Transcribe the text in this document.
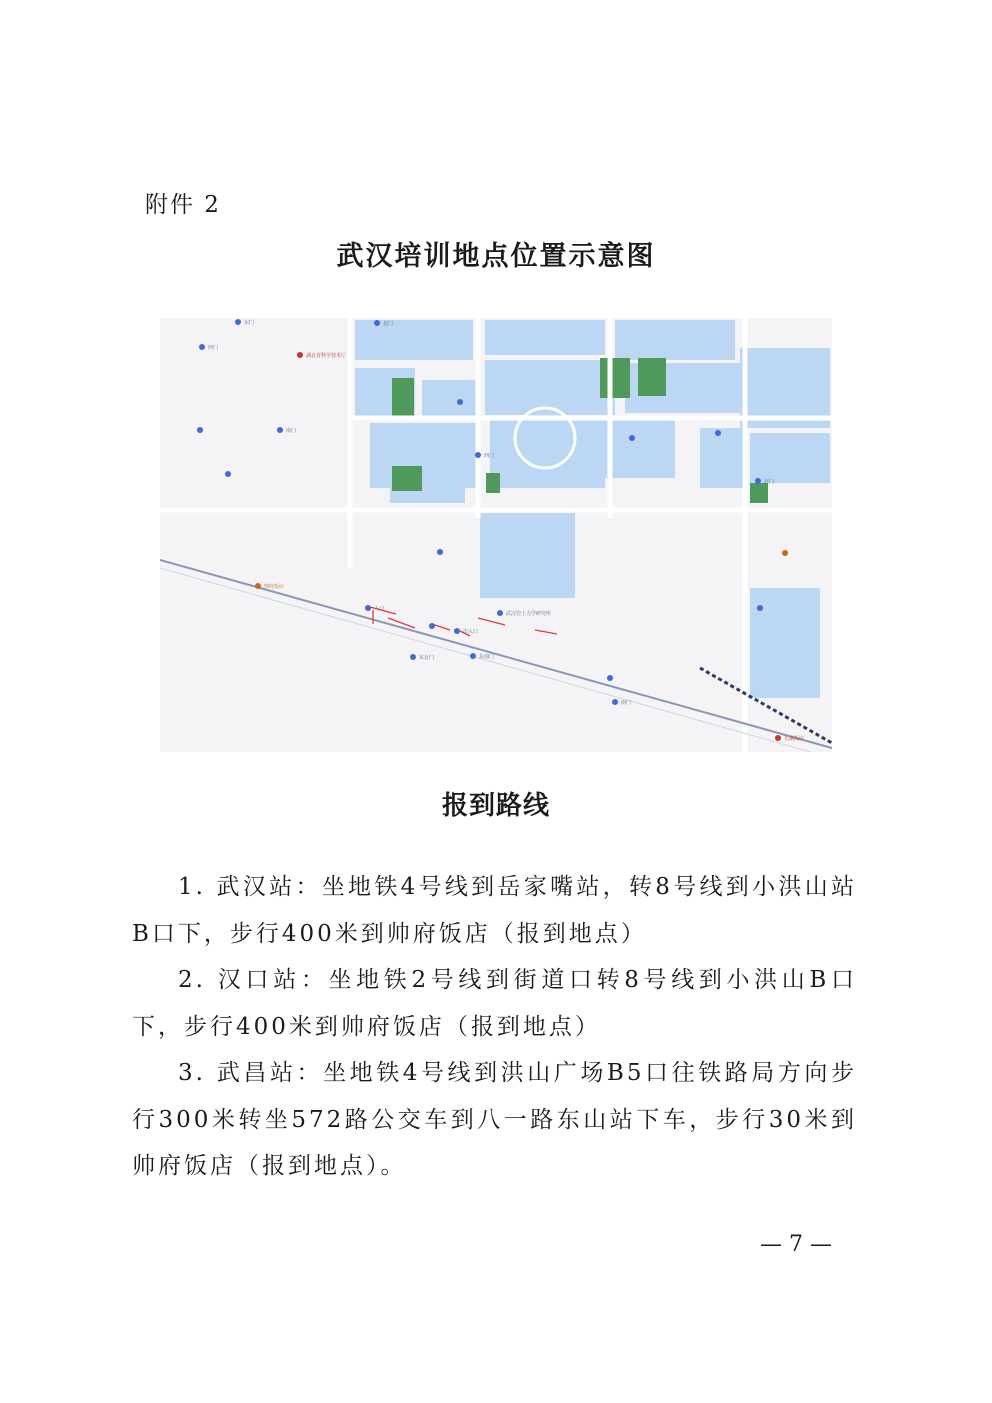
附件 2
武汉培训地点位置示意图
东门
西门
湖北省科学技术厅
北门
西门
南门
武汉岩土力学研究所
入口
出入口
东北门	东南门
帅府饭店
北门
南门
长湖饭店
报到路线

1. 武汉站：坐地铁4号线到岳家嘴站，转8号线到小洪山站B口下，步行400米到帅府饭店（报到地点）

2. 汉口站：坐地铁2号线到街道口转8号线到小洪山B口下，步行400米到帅府饭店（报到地点）

3. 武昌站：坐地铁4号线到洪山广场B5口往铁路局方向步行300米转坐572路公交车到八一路东山站下车，步行30米到帅府饭店（报到地点）。

— 7 —
